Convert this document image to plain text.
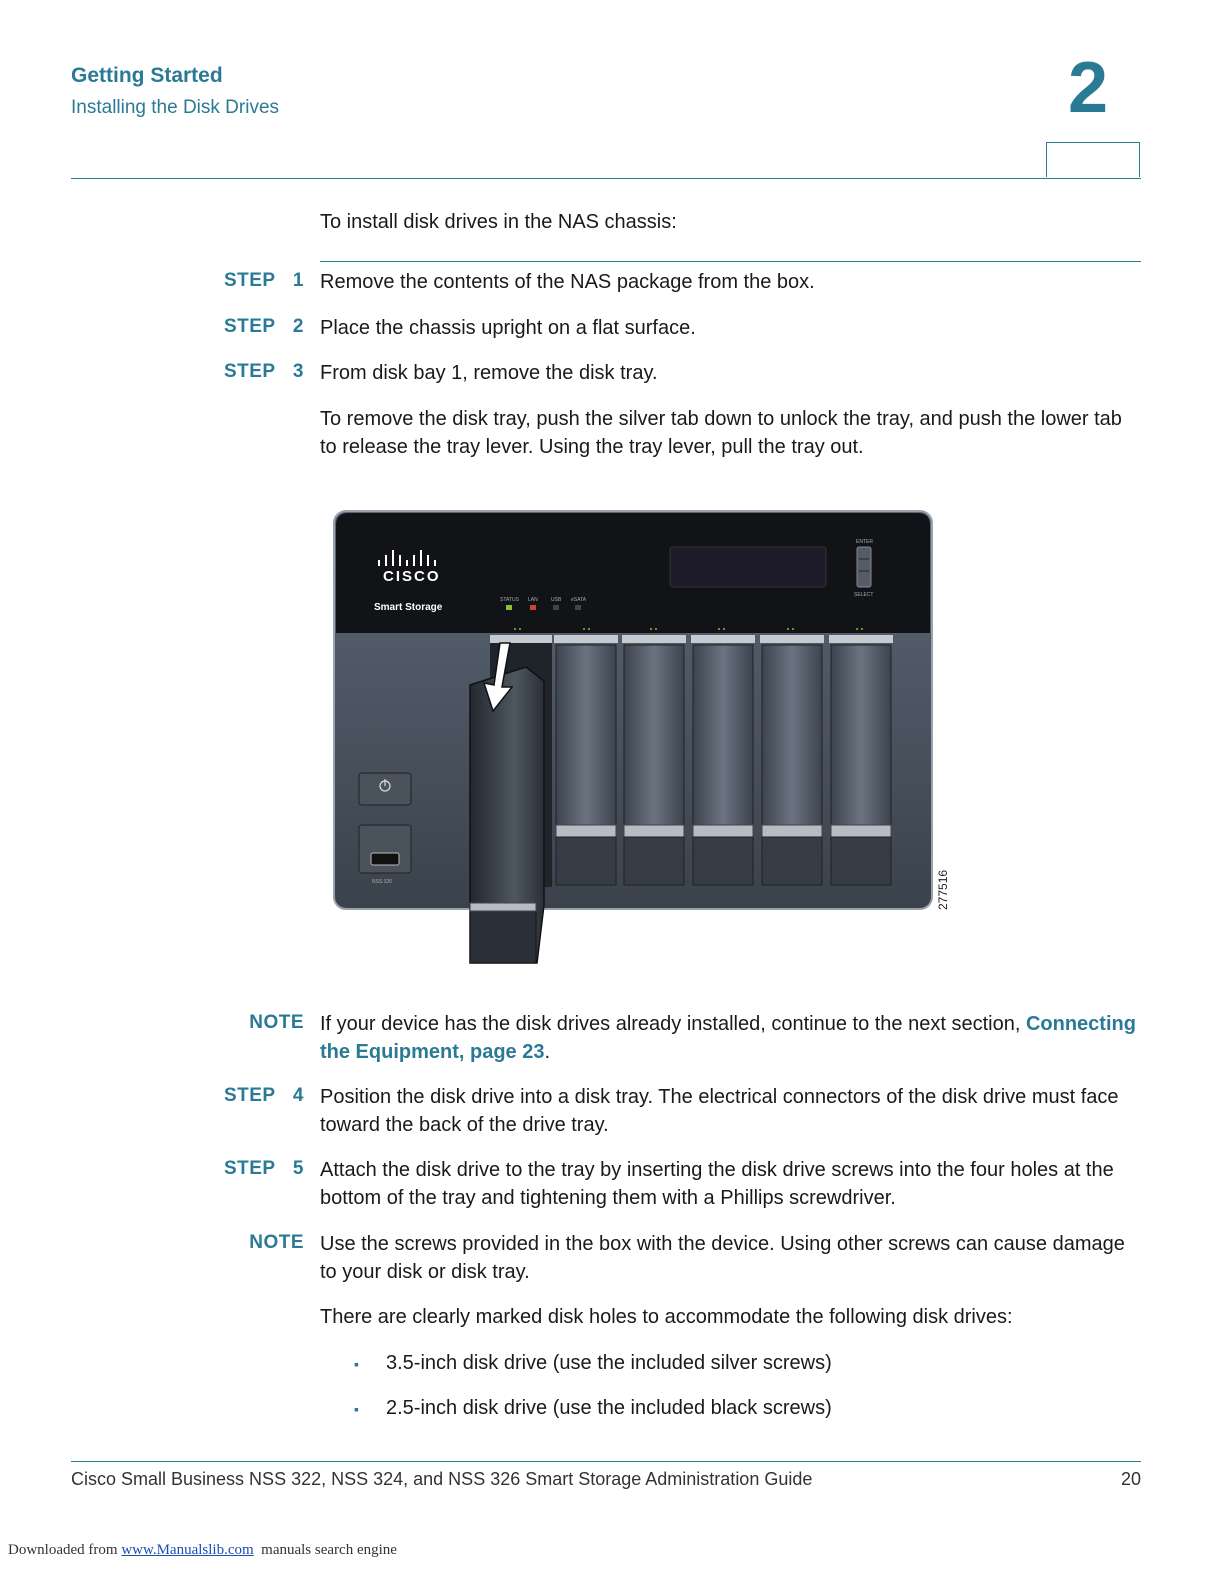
Getting Started
Installing the Disk Drives	2
To install disk drives in the NAS chassis:
STEP 1 Remove the contents of the NAS package from the box.
STEP 2 Place the chassis upright on a flat surface.
STEP 3 From disk bay 1, remove the disk tray.
To remove the disk tray, push the silver tab down to unlock the tray, and push the lower tab to release the tray lever. Using the tray lever, pull the tray out.
CISCO
Smart Storage
STATUS LAN	USB eSATA
ENTER
SELECT
NSS 326	277516
NOTE If your device has the disk drives already installed, continue to the next section, Connecting the Equipment, page 23.
STEP 4 Position the disk drive into a disk tray. The electrical connectors of the disk drive must face toward the back of the drive tray.
STEP 5 Attach the disk drive to the tray by inserting the disk drive screws into the four holes at the bottom of the tray and tightening them with a Phillips screwdriver.
NOTE Use the screws provided in the box with the device. Using other screws can cause damage to your disk or disk tray.
There are clearly marked disk holes to accommodate the following disk drives:
▪ 3.5-inch disk drive (use the included silver screws)
▪ 2.5-inch disk drive (use the included black screws)
Cisco Small Business NSS 322, NSS 324, and NSS 326 Smart Storage Administration Guide	20
Downloaded from www.Manualslib.com  manuals search engine
